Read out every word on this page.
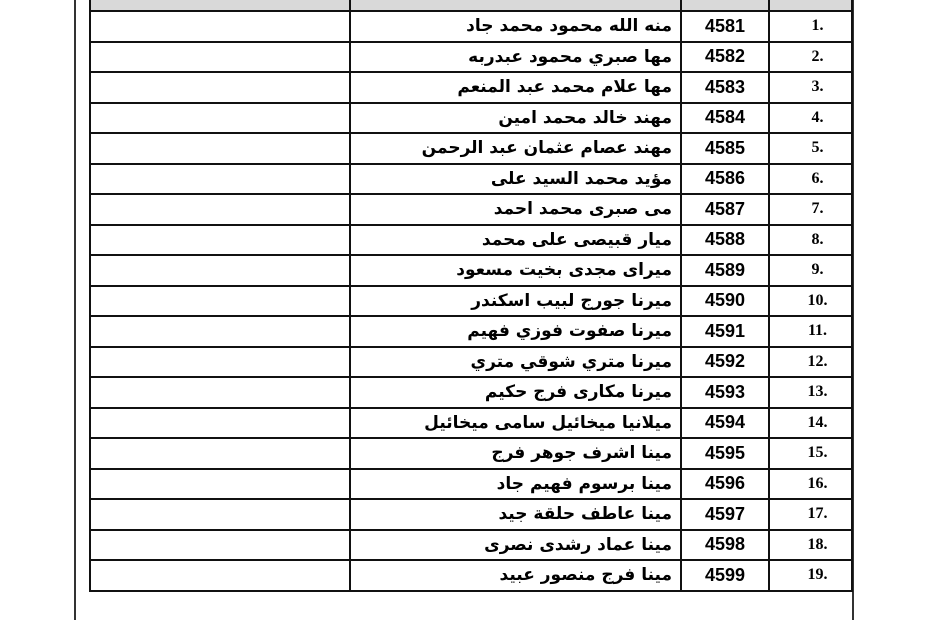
	منه الله محمود محمد جاد	4581	1.
	مها صبري محمود عبدربه	4582	2.
	مها علام محمد عبد المنعم	4583	3.
	مهند خالد محمد امين	4584	4.
	مهند عصام عثمان عبد الرحمن	4585	5.
	مؤيد محمد السيد على	4586	6.
	مى صبرى محمد احمد	4587	7.
	ميار قبيصى على محمد	4588	8.
	ميراى مجدى بخيت مسعود	4589	9.
	ميرنا جورج لبيب اسكندر	4590	10.
	ميرنا صفوت فوزي فهيم	4591	11.
	ميرنا متري شوقي متري	4592	12.
	ميرنا مكارى فرج حكيم	4593	13.
	ميلانيا ميخائيل سامى ميخائيل	4594	14.
	مينا اشرف جوهر فرج	4595	15.
	مينا برسوم فهيم جاد	4596	16.
	مينا عاطف حلقة جيد	4597	17.
	مينا عماد رشدى نصرى	4598	18.
	مينا فرج منصور عبيد	4599	19.
